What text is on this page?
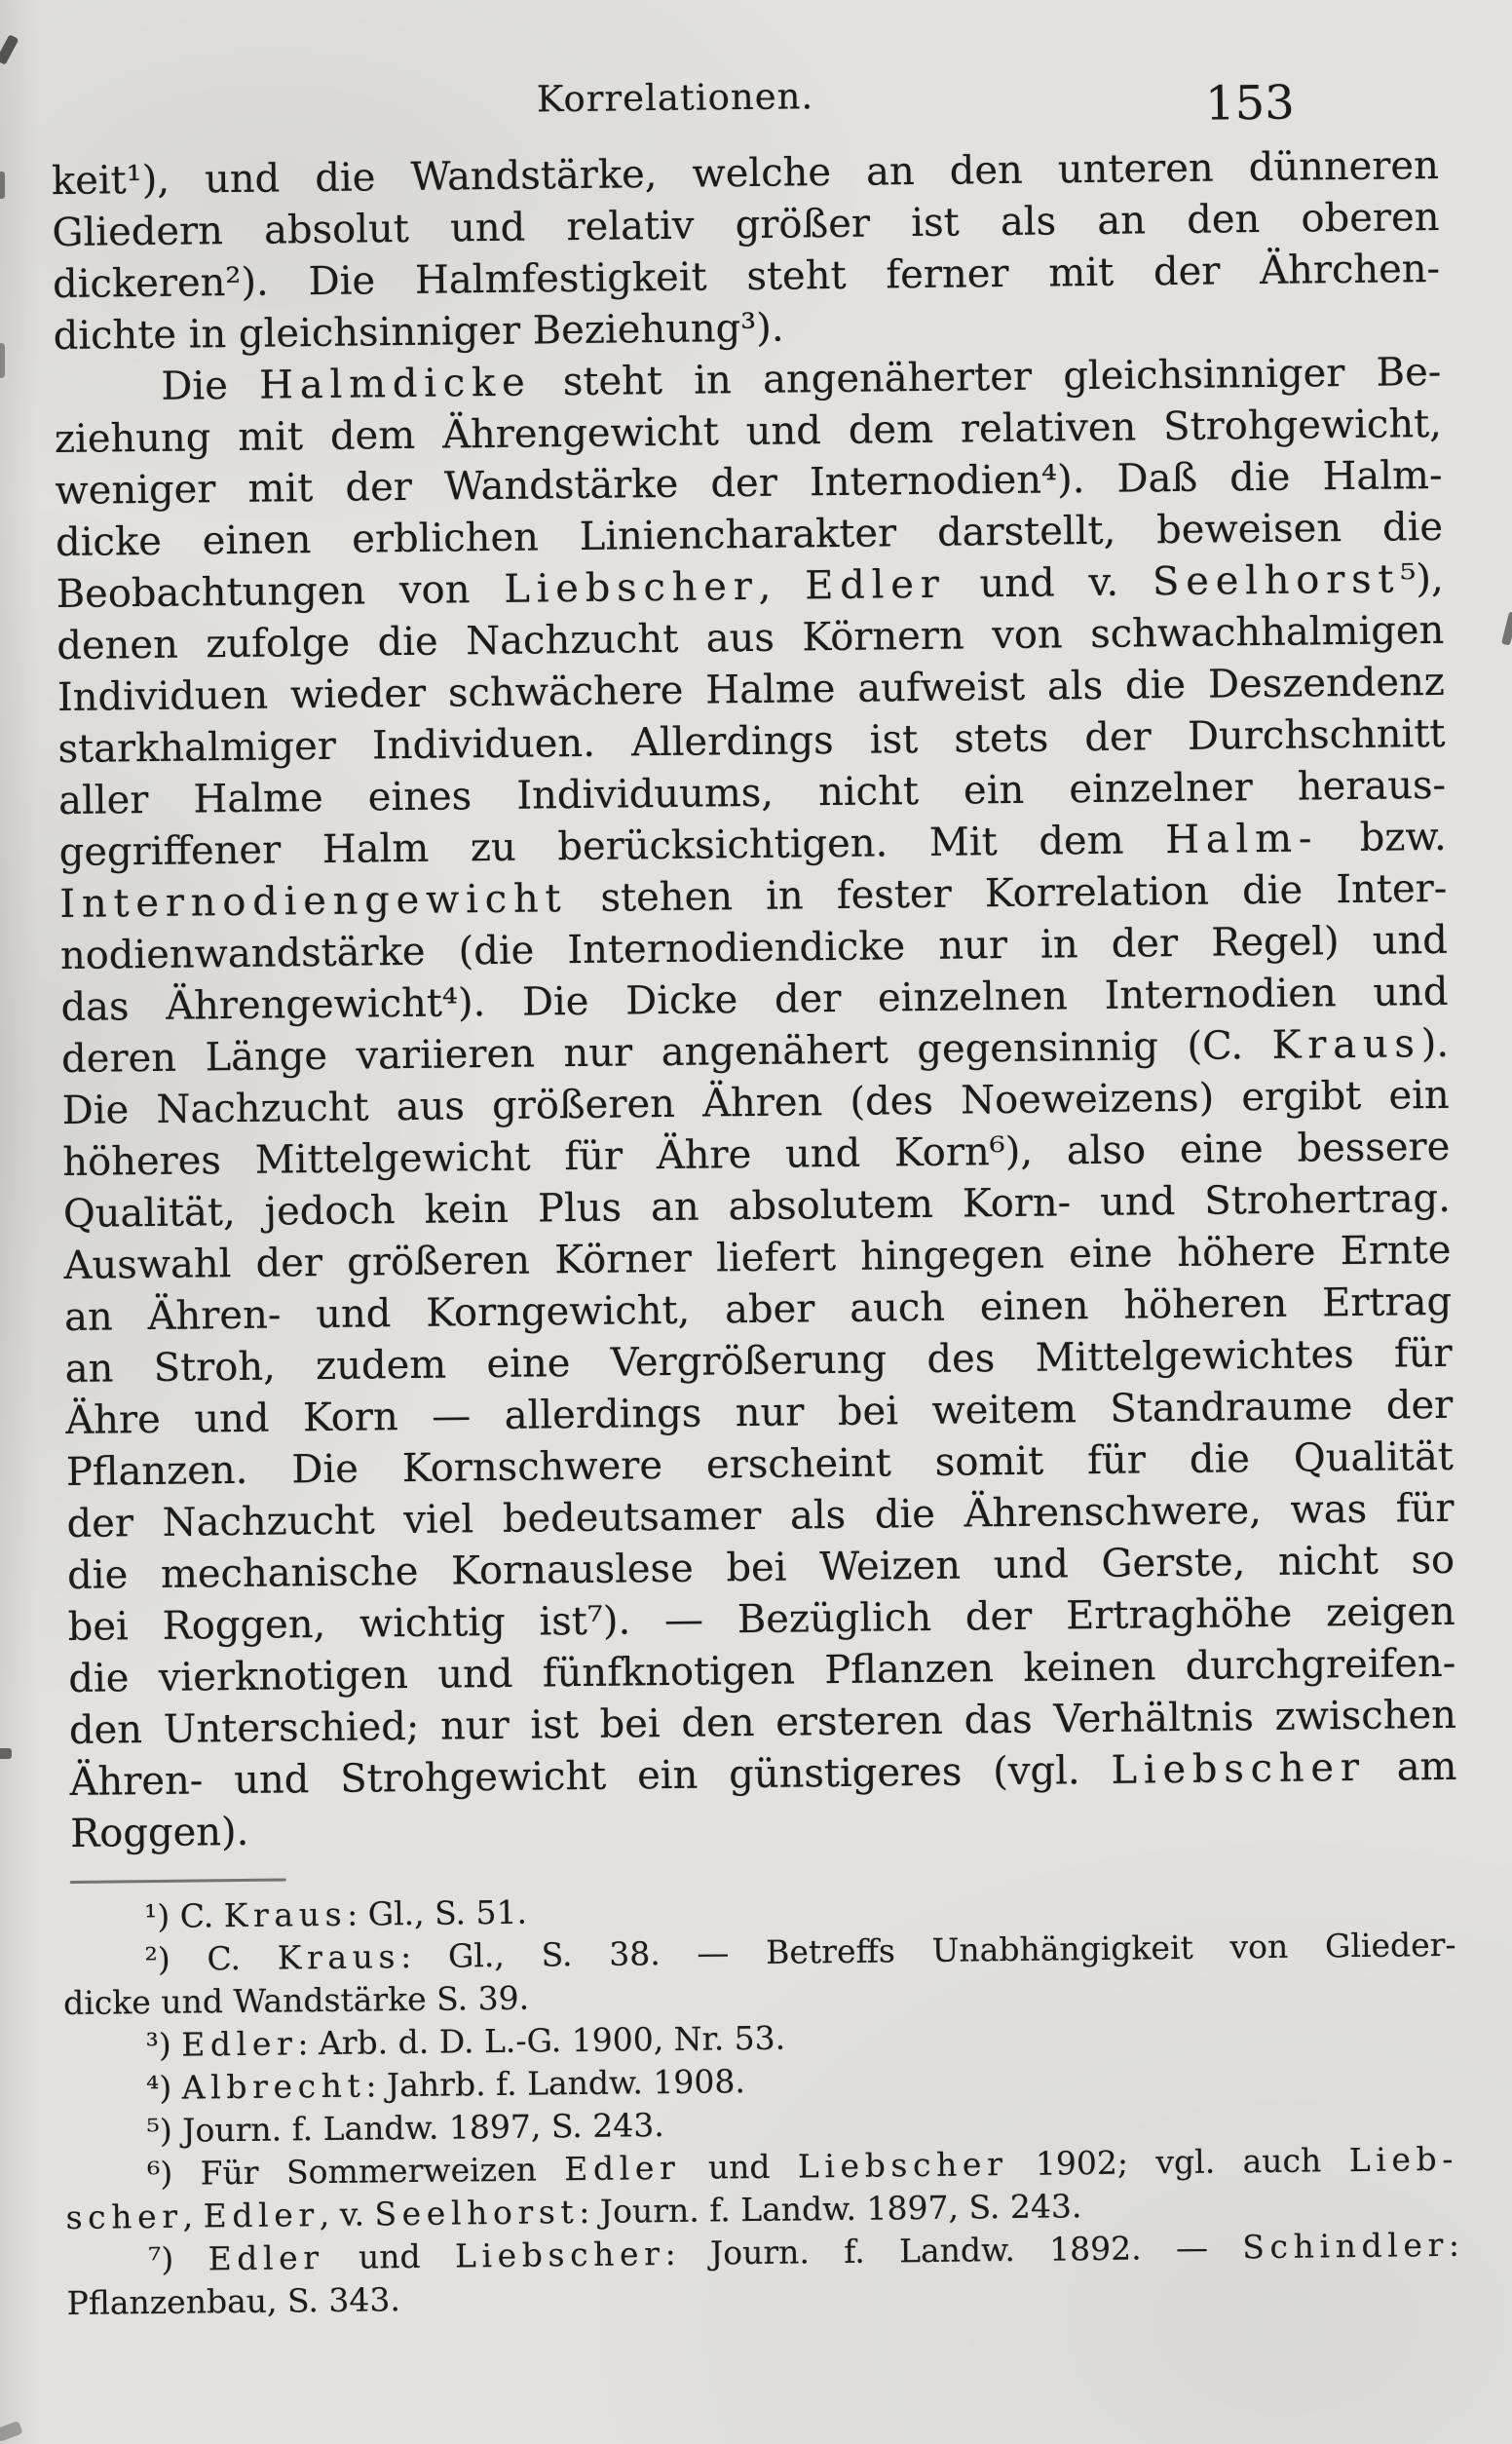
Korrelationen.	153
keit¹), und die Wandstärke, welche an den unteren dünneren
Gliedern absolut und relativ größer ist als an den oberen
dickeren²). Die Halmfestigkeit steht ferner mit der Ährchen-
dichte in gleichsinniger Beziehung³).
Die Halmdicke steht in angenäherter gleichsinniger Be-
ziehung mit dem Ährengewicht und dem relativen Strohgewicht,
weniger mit der Wandstärke der Internodien⁴). Daß die Halm-
dicke einen erblichen Liniencharakter darstellt, beweisen die
Beobachtungen von Liebscher, Edler und v. Seelhorst⁵),
denen zufolge die Nachzucht aus Körnern von schwachhalmigen
Individuen wieder schwächere Halme aufweist als die Deszendenz
starkhalmiger Individuen. Allerdings ist stets der Durchschnitt
aller Halme eines Individuums, nicht ein einzelner heraus-
gegriffener Halm zu berücksichtigen. Mit dem Halm- bzw.
Internodiengewicht stehen in fester Korrelation die Inter-
nodienwandstärke (die Internodiendicke nur in der Regel) und
das Ährengewicht⁴). Die Dicke der einzelnen Internodien und
deren Länge variieren nur angenähert gegensinnig (C. Kraus).
Die Nachzucht aus größeren Ähren (des Noeweizens) ergibt ein
höheres Mittelgewicht für Ähre und Korn⁶), also eine bessere
Qualität, jedoch kein Plus an absolutem Korn- und Strohertrag.
Auswahl der größeren Körner liefert hingegen eine höhere Ernte
an Ähren- und Korngewicht, aber auch einen höheren Ertrag
an Stroh, zudem eine Vergrößerung des Mittelgewichtes für
Ähre und Korn — allerdings nur bei weitem Standraume der
Pflanzen. Die Kornschwere erscheint somit für die Qualität
der Nachzucht viel bedeutsamer als die Ährenschwere, was für
die mechanische Kornauslese bei Weizen und Gerste, nicht so
bei Roggen, wichtig ist⁷). — Bezüglich der Ertraghöhe zeigen
die vierknotigen und fünfknotigen Pflanzen keinen durchgreifen-
den Unterschied; nur ist bei den ersteren das Verhältnis zwischen
Ähren- und Strohgewicht ein günstigeres (vgl. Liebscher am
Roggen).
¹) C. Kraus: Gl., S. 51.
²) C. Kraus: Gl., S. 38. — Betreffs Unabhängigkeit von Glieder-
dicke und Wandstärke S. 39.
³) Edler: Arb. d. D. L.-G. 1900, Nr. 53.
⁴) Albrecht: Jahrb. f. Landw. 1908.
⁵) Journ. f. Landw. 1897, S. 243.
⁶) Für Sommerweizen Edler und Liebscher 1902; vgl. auch Lieb-
scher, Edler, v. Seelhorst: Journ. f. Landw. 1897, S. 243.
⁷) Edler und Liebscher: Journ. f. Landw. 1892. — Schindler:
Pflanzenbau, S. 343.
